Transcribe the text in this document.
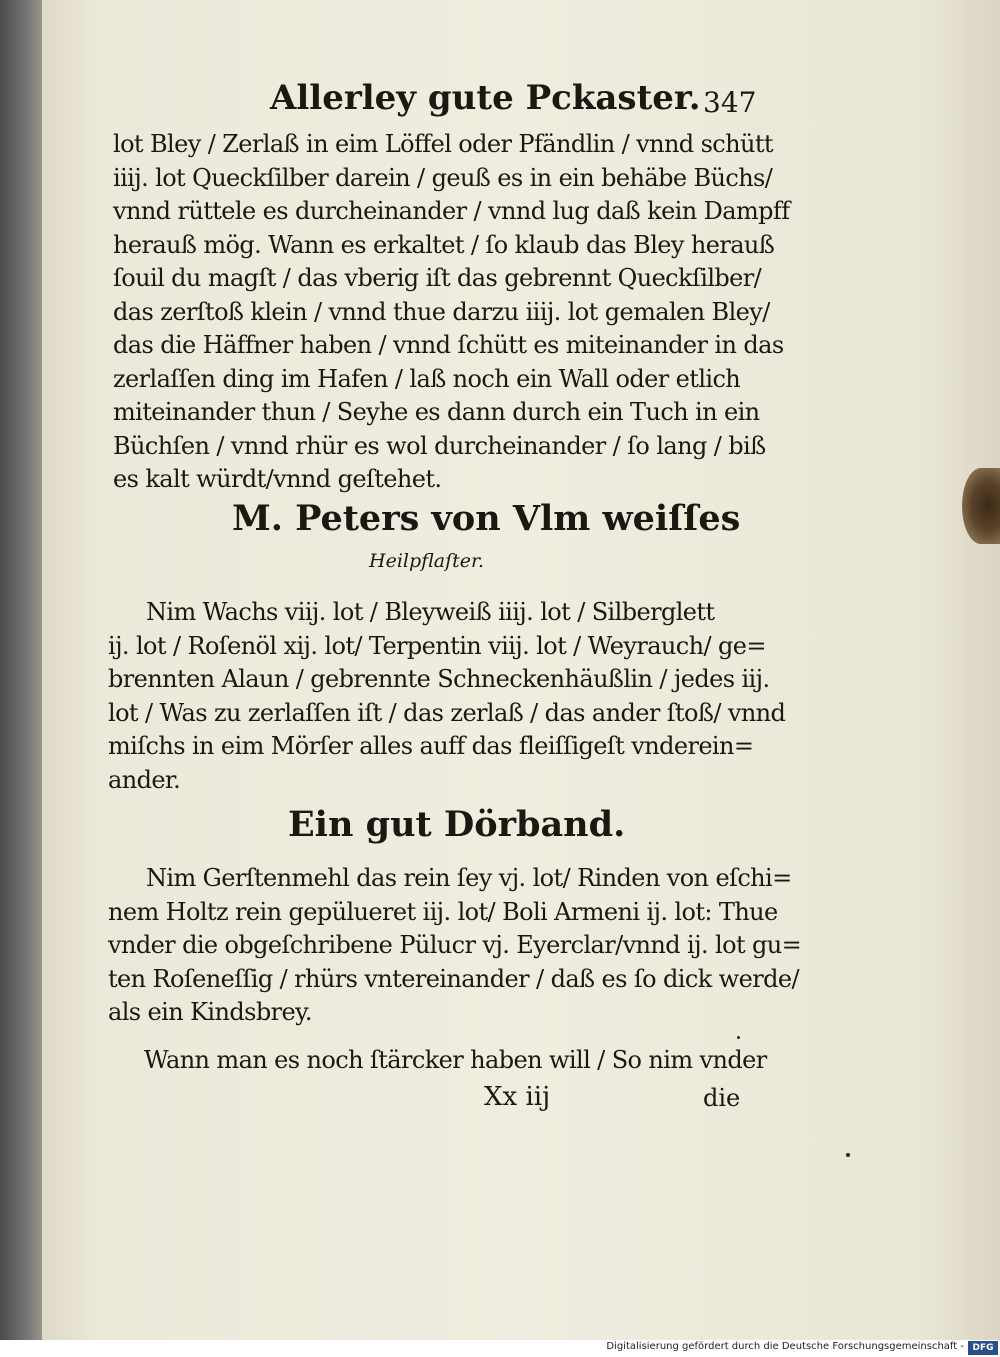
Allerley gute Pckaster. 347
lot Bley / Zerlaß in eim Löffel oder Pfändlin / vnnd schütt
iiij. lot Queckſilber darein / geuß es in ein behäbe Büchs/
vnnd rüttele es durcheinander / vnnd lug daß kein Dampff
herauß mög. Wann es erkaltet / ſo klaub das Bley herauß
ſouil du magſt / das vberig iſt das gebrennt Queckſilber/
das zerſtoß klein / vnnd thue darzu iiij. lot gemalen Bley/
das die Häffner haben / vnnd ſchütt es miteinander in das
zerlaſſen ding im Hafen / laß noch ein Wall oder etlich
miteinander thun / Seyhe es dann durch ein Tuch in ein
Büchſen / vnnd rhür es wol durcheinander / ſo lang / biß
es kalt würdt/vnnd geſtehet.
M. Peters von Vlm weiſſes
Heilpflaſter.
Nim Wachs viij. lot / Bleyweiß iiij. lot / Silberglett
ij. lot / Roſenöl xij. lot/ Terpentin viij. lot / Weyrauch/ ge=
brennten Alaun / gebrennte Schneckenhäußlin / jedes iij.
lot / Was zu zerlaſſen iſt / das zerlaß / das ander ſtoß/ vnnd
miſchs in eim Mörſer alles auff das fleiſſigeſt vnderein=
ander.
Ein gut Dörband.
Nim Gerſtenmehl das rein ſey vj. lot/ Rinden von eſchi=
nem Holtz rein gepülueret iij. lot/ Boli Armeni ij. lot: Thue
vnder die obgeſchribene Pülucr vj. Eyerclar/vnnd ij. lot gu=
ten Roſeneſſig / rhürs vntereinander / daß es ſo dick werde/
als ein Kindsbrey.
Wann man es noch ſtärcker haben will / So nim vnder
Xx iij	die
Digitalisierung gefördert durch die Deutsche Forschungsgemeinschaft - DFG
